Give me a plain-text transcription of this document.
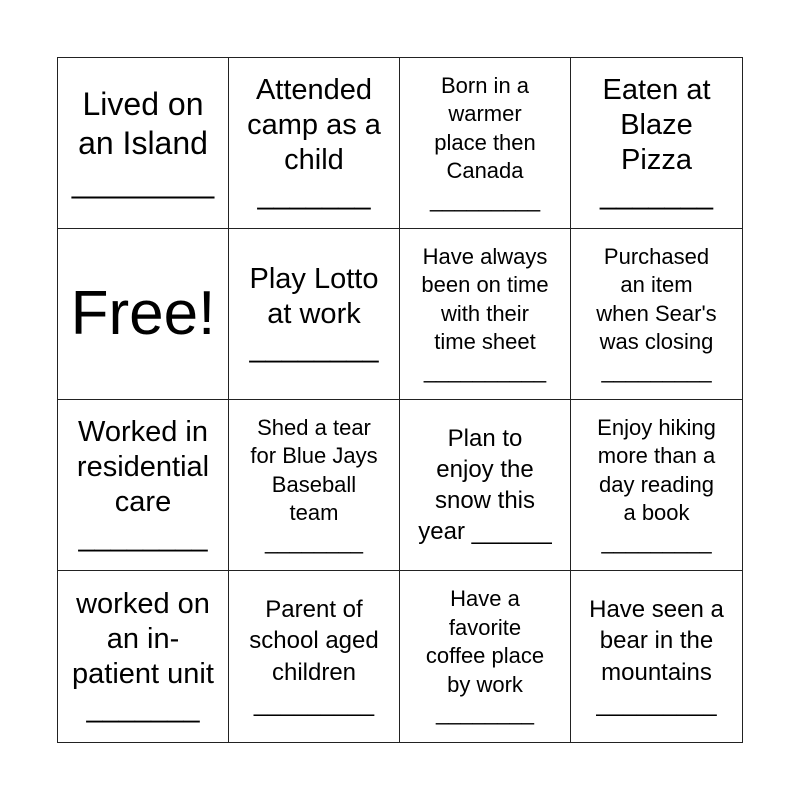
Lived on
an Island
________
Attended
camp as a
child
_______
Born in a
warmer
place then
Canada
_________
Eaten at
Blaze
Pizza
_______
Free!
Play Lotto
at work
________
Have always
been on time
with their
time sheet
__________
Purchased
an item
when Sear's
was closing
_________
Worked in
residential
care
________
Shed a tear
for Blue Jays
Baseball
team
________
Plan to
enjoy the
snow this
year ______
Enjoy hiking
more than a
day reading
a book
_________
worked on
an in-
patient unit
_______
Parent of
school aged
children
_________
Have a
favorite
coffee place
by work
________
Have seen a
bear in the
mountains
_________
